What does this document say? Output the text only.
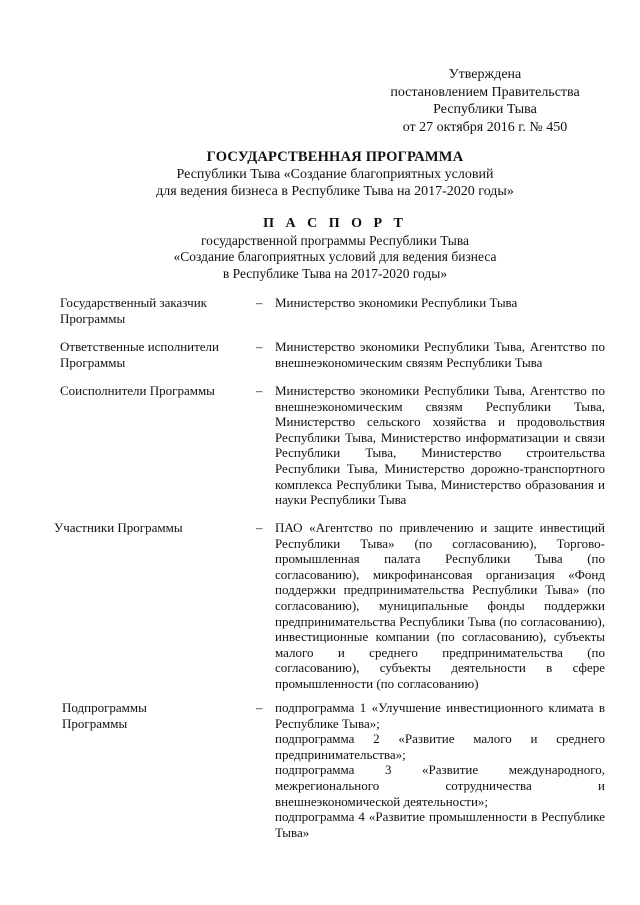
Утверждена
постановлением Правительства
Республики Тыва
от 27 октября 2016 г. № 450
ГОСУДАРСТВЕННАЯ ПРОГРАММА
Республики Тыва «Создание благоприятных условий
для ведения бизнеса в Республике Тыва на 2017-2020 годы»
П А С П О Р Т
государственной программы Республики Тыва
«Создание благоприятных условий для ведения бизнеса
в Республике Тыва на 2017-2020 годы»
Государственный заказчик Программы
– Министерство экономики Республики Тыва
Ответственные исполнители Программы
– Министерство экономики Республики Тыва, Агентство по внешнеэкономическим связям Республики Тыва
Соисполнители Программы	– Министерство экономики Республики Тыва, Агентство по внешнеэкономическим связям Республики Тыва, Министерство сельского хозяйства и продовольствия Республики Тыва, Министерство информатизации и связи Республики Тыва, Министерство строительства Республики Тыва, Министерство дорожно-транспортного комплекса Республики Тыва, Министерство образования и науки Республики Тыва
Участники Программы	– ПАО «Агентство по привлечению и защите инвестиций Республики Тыва» (по согласованию), Торгово-промышленная палата Республики Тыва (по согласованию), микрофинансовая организация «Фонд поддержки предпринимательства Республики Тыва» (по согласованию), муниципальные фонды поддержки предпринимательства Республики Тыва (по согласованию), инвестиционные компании (по согласованию), субъекты малого и среднего предпринимательства (по согласованию), субъекты деятельности в сфере промышленности (по согласованию)
Подпрограммы Программы
– подпрограмма 1 «Улучшение инвестиционного климата в Республике Тыва»;

подпрограмма 2 «Развитие малого и среднего предпринимательства»;

подпрограмма 3 «Развитие международного, межрегионального сотрудничества и внешнеэкономической деятельности»;

подпрограмма 4 «Развитие промышленности в Республике Тыва»
